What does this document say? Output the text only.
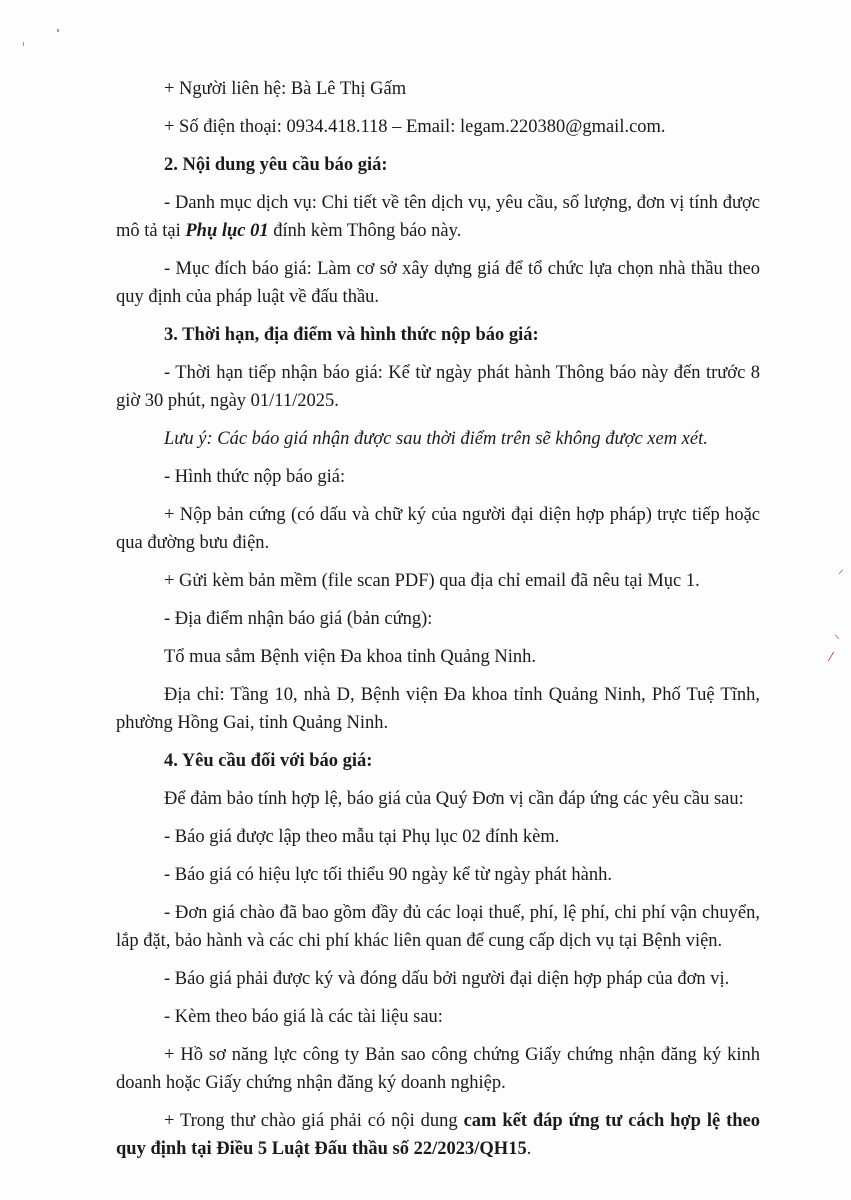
⸝
⸜
⁄

+ Người liên hệ: Bà Lê Thị Gấm

+ Số điện thoại: 0934.418.118 – Email: legam.220380@gmail.com.

2. Nội dung yêu cầu báo giá:

- Danh mục dịch vụ: Chi tiết về tên dịch vụ, yêu cầu, số lượng, đơn vị tính được mô tả tại Phụ lục 01 đính kèm Thông báo này.

- Mục đích báo giá: Làm cơ sở xây dựng giá để tổ chức lựa chọn nhà thầu theo quy định của pháp luật về đấu thầu.

3. Thời hạn, địa điểm và hình thức nộp báo giá:

- Thời hạn tiếp nhận báo giá: Kể từ ngày phát hành Thông báo này đến trước 8 giờ 30 phút, ngày 01/11/2025.

Lưu ý: Các báo giá nhận được sau thời điểm trên sẽ không được xem xét.

- Hình thức nộp báo giá:

+ Nộp bản cứng (có dấu và chữ ký của người đại diện hợp pháp) trực tiếp hoặc qua đường bưu điện.

+ Gửi kèm bản mềm (file scan PDF) qua địa chỉ email đã nêu tại Mục 1.

- Địa điểm nhận báo giá (bản cứng):

Tổ mua sắm Bệnh viện Đa khoa tỉnh Quảng Ninh.

Địa chỉ: Tầng 10, nhà D, Bệnh viện Đa khoa tỉnh Quảng Ninh, Phố Tuệ Tĩnh, phường Hồng Gai, tỉnh Quảng Ninh.

4. Yêu cầu đối với báo giá:

Để đảm bảo tính hợp lệ, báo giá của Quý Đơn vị cần đáp ứng các yêu cầu sau:

- Báo giá được lập theo mẫu tại Phụ lục 02 đính kèm.

- Báo giá có hiệu lực tối thiểu 90 ngày kể từ ngày phát hành.

- Đơn giá chào đã bao gồm đầy đủ các loại thuế, phí, lệ phí, chi phí vận chuyển, lắp đặt, bảo hành và các chi phí khác liên quan để cung cấp dịch vụ tại Bệnh viện.

- Báo giá phải được ký và đóng dấu bởi người đại diện hợp pháp của đơn vị.

- Kèm theo báo giá là các tài liệu sau:

+ Hồ sơ năng lực công ty Bản sao công chứng Giấy chứng nhận đăng ký kinh doanh hoặc Giấy chứng nhận đăng ký doanh nghiệp.

+ Trong thư chào giá phải có nội dung cam kết đáp ứng tư cách hợp lệ theo quy định tại Điều 5 Luật Đấu thầu số 22/2023/QH15.
